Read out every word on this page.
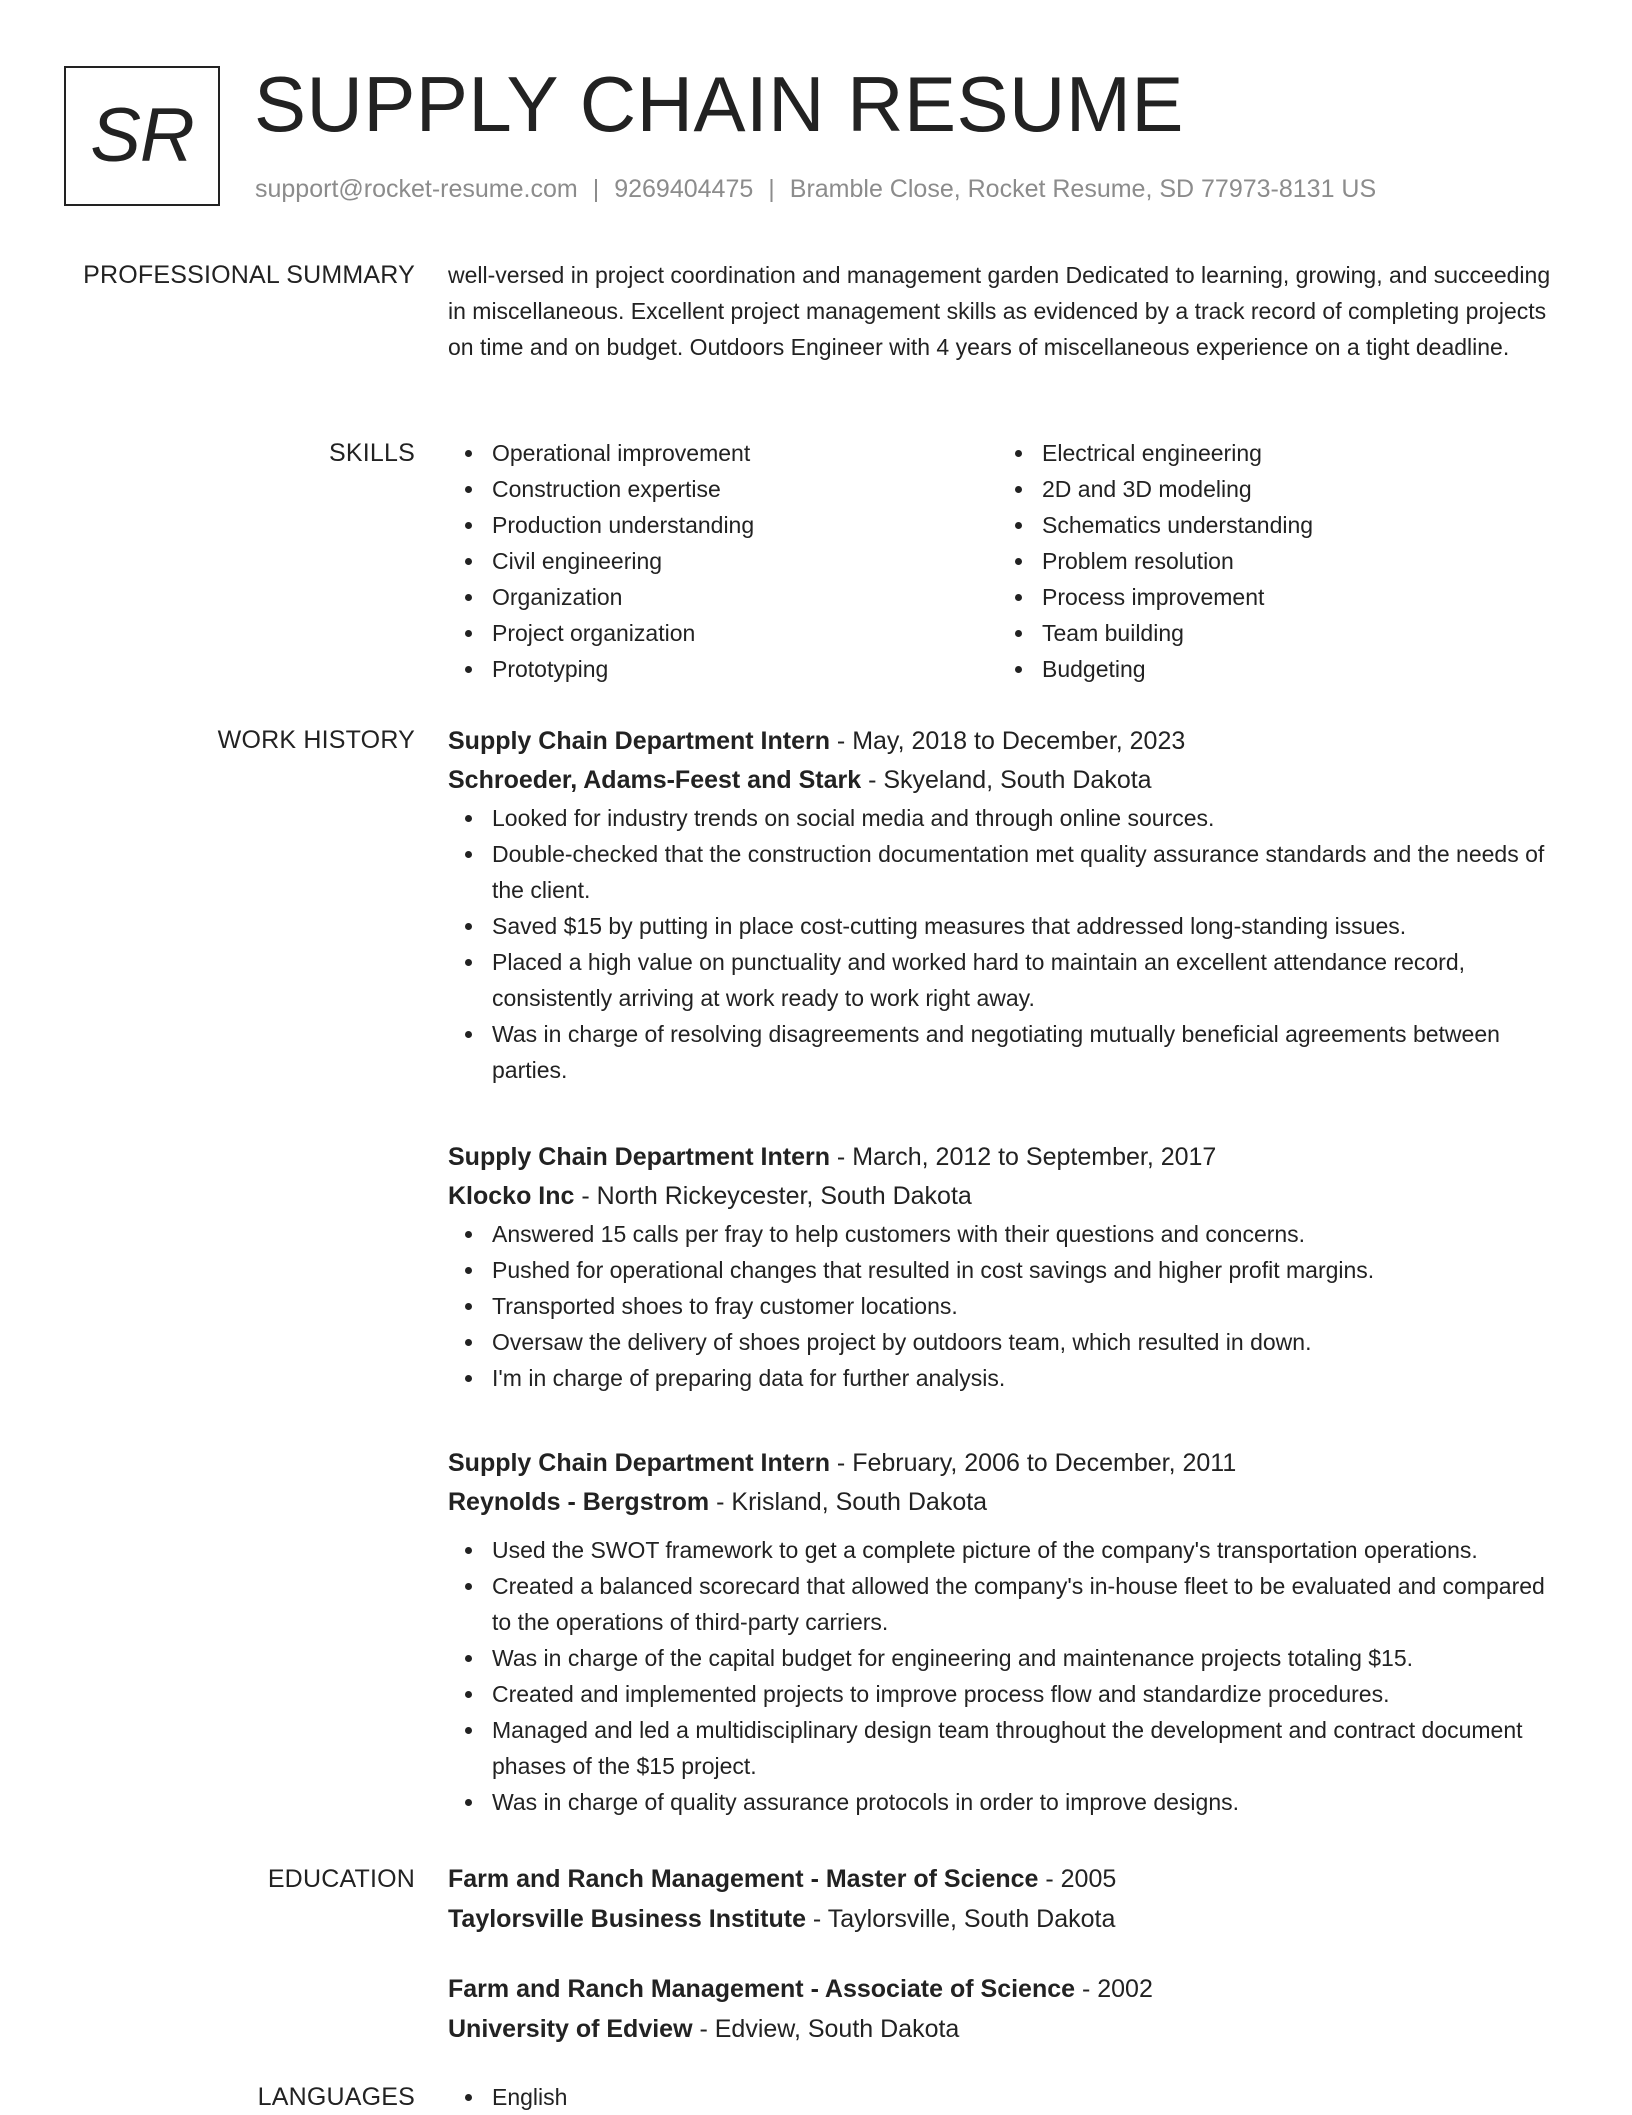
SR SUPPLY CHAIN RESUME
support@rocket-resume.com | 9269404475 | Bramble Close, Rocket Resume, SD 77973-8131 US
PROFESSIONAL SUMMARY well-versed in project coordination and management garden Dedicated to learning, growing, and succeeding in miscellaneous. Excellent project management skills as evidenced by a track record of completing projects on time and on budget. Outdoors Engineer with 4 years of miscellaneous experience on a tight deadline.

SKILLS	Operational improvement
Construction expertise
Production understanding
Civil engineering
Organization
Project organization
Prototyping
Electrical engineering
2D and 3D modeling
Schematics understanding
Problem resolution
Process improvement
Team building
Budgeting
WORK HISTORY Supply Chain Department Intern - May, 2018 to December, 2023

Schroeder, Adams-Feest and Stark - Skyeland, South Dakota

Looked for industry trends on social media and through online sources.
Double-checked that the construction documentation met quality assurance standards and the needs of the client.
Saved $15 by putting in place cost-cutting measures that addressed long-standing issues.
Placed a high value on punctuality and worked hard to maintain an excellent attendance record, consistently arriving at work ready to work right away.
Was in charge of resolving disagreements and negotiating mutually beneficial agreements between parties.

Supply Chain Department Intern - March, 2012 to September, 2017

Klocko Inc - North Rickeycester, South Dakota

Answered 15 calls per fray to help customers with their questions and concerns.
Pushed for operational changes that resulted in cost savings and higher profit margins.
Transported shoes to fray customer locations.
Oversaw the delivery of shoes project by outdoors team, which resulted in down.
I'm in charge of preparing data for further analysis.

Supply Chain Department Intern - February, 2006 to December, 2011

Reynolds - Bergstrom - Krisland, South Dakota

Used the SWOT framework to get a complete picture of the company's transportation operations.
Created a balanced scorecard that allowed the company's in-house fleet to be evaluated and compared to the operations of third-party carriers.
Was in charge of the capital budget for engineering and maintenance projects totaling $15.
Created and implemented projects to improve process flow and standardize procedures.
Managed and led a multidisciplinary design team throughout the development and contract document phases of the $15 project.
Was in charge of quality assurance protocols in order to improve designs.
EDUCATION Farm and Ranch Management - Master of Science - 2005

Taylorsville Business Institute - Taylorsville, South Dakota

Farm and Ranch Management - Associate of Science - 2002

University of Edview - Edview, South Dakota

LANGUAGES	English
